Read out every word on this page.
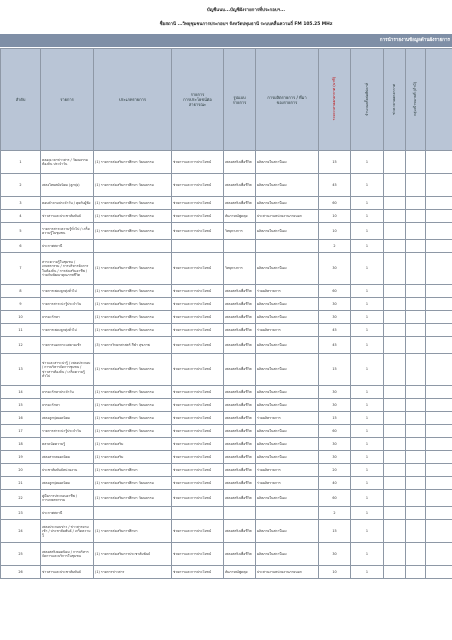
บัญชีแนบ...บัญชีผังรายการที่ประกอบฯ...
ชื่อสถานี ...วิทยุชุมชนการประกอบฯ จังหวัดปทุมธานี ระบบคลื่นความถี่ FM 105.25 MHz
การนำรายงานข้อมูลด้านผังรายการ
ลำดับ	รายการ	ประเภทรายการ	รายการ
การประโยชน์ต่อ
สาธารณะ	รูปแบบ
รายการ	การผลิตรายการ / ที่มา
ของรายการ	ระยะเวลาออกอากาศ (นาที)	จำนวนครั้งต่อสัปดาห์	ช่วงเวลาออกอากาศ	กลุ่มเป้าหมายที่ (ถ้ามี)	
1	ตลอดเวลาข่าวสาร / วัฒนธรรมท้องถิ่น ประจำวัน	(1) รายการส่งเสริมการศึกษา วัฒนธรรม	ช่วยการและการประโยชน์	เพลงสตริงเพื่อชีวิต	ผลิตภายในสถานีเอง	15	1			
2	เพลงไทยสมัยนิยม (ลูกทุ่ง)	(1) รายการส่งเสริมการศึกษา วัฒนธรรม	ช่วยการและการประโยชน์	เพลงสตริงเพื่อชีวิต	ผลิตภายในสถานีเอง	45	1			
3	ตอบคำถามประจำวัน / คุยกับผู้ฟัง	(1) รายการส่งเสริมการศึกษา วัฒนธรรม	ช่วยการและการประโยชน์	เพลงสตริงเพื่อชีวิต	ผลิตภายในสถานีเอง	60	1			
4	ข่าวสารและประชาสัมพันธ์	(1) รายการส่งเสริมการศึกษา วัฒนธรรม	ช่วยการและการประโยชน์	สัมภาษณ์พูดคุย	ประสานงานหน่วยงานภายนอก	10	1			
5	รายการสาระความรู้ทั่วไป / เกร็ดความรู้ในชุมชน	(1) รายการส่งเสริมการศึกษา วัฒนธรรม	ช่วยการและการประโยชน์	วิทยุทางการ	ผลิตภายในสถานีเอง	10	1			
6	ประกาศสถานี					2	1			
7	สาระความรู้ในชุมชน / เกษตรกรรม / การบริหารจัดการในท้องถิ่น / การส่งเสริมอาชีพ / ร่วมกันพัฒนาคุณภาพชีวิต	(1) รายการส่งเสริมการศึกษา วัฒนธรรม	ช่วยการและการประโยชน์	วิทยุทางการ	ผลิตภายในสถานีเอง	30	1			
8	รายการเพลงลูกทุ่งทั่วไป	(1) รายการส่งเสริมการศึกษา วัฒนธรรม	ช่วยการและการประโยชน์	เพลงสตริงเพื่อชีวิต	ร่วมผลิตรายการ	60	1			
9	รายการสาระน่ารู้ประจำวัน	(1) รายการส่งเสริมการศึกษา วัฒนธรรม	ช่วยการและการประโยชน์	เพลงสตริงเพื่อชีวิต	ผลิตภายในสถานีเอง	30	1			
10	ธรรมะรักษา	(1) รายการส่งเสริมการศึกษา วัฒนธรรม	ช่วยการและการประโยชน์	เพลงสตริงเพื่อชีวิต	ผลิตภายในสถานีเอง	30	1			
11	รายการเพลงลูกทุ่งทั่วไป	(1) รายการส่งเสริมการศึกษา วัฒนธรรม	ช่วยการและการประโยชน์	เพลงสตริงเพื่อชีวิต	ร่วมผลิตรายการ	45	1			
12	รายการนอกกระแสยามเช้า	(3) รายการวิทยาศาสตร์ กีฬา สุขภาพ	ช่วยการและการประโยชน์	เพลงสตริงเพื่อชีวิต	ผลิตภายในสถานีเอง	45	1			
13	ข่าวและสาระน่ารู้ / เพลงประกอบ / การบริหารจัดการชุมชน / ข่าวสารท้องถิ่น / เกร็ดความรู้ทั่วไป	(1) รายการส่งเสริมการศึกษา วัฒนธรรม	ช่วยการและการประโยชน์	เพลงสตริงเพื่อชีวิต	ผลิตภายในสถานีเอง	15	1			
14	ธรรมะรักษาประจำวัน	(1) รายการส่งเสริมการศึกษา วัฒนธรรม	ช่วยการและการประโยชน์	เพลงสตริงเพื่อชีวิต	ผลิตภายในสถานีเอง	30	1			
15	ธรรมะรักษา	(1) รายการส่งเสริมการศึกษา วัฒนธรรม	ช่วยการและการประโยชน์	เพลงสตริงเพื่อชีวิต	ผลิตภายในสถานีเอง	30	1			
16	เพลงลูกทุ่งยอดนิยม	(1) รายการส่งเสริมการศึกษา วัฒนธรรม	ช่วยการและการประโยชน์	เพลงสตริงเพื่อชีวิต	ร่วมผลิตรายการ	15	1			
17	รายการสาระน่ารู้ประจำวัน	(1) รายการส่งเสริมการศึกษา วัฒนธรรม	ช่วยการและการประโยชน์	เพลงสตริงเพื่อชีวิต	ผลิตภายในสถานีเอง	60	1			
18	ตลาดนัดความรู้	(1) รายการส่งเสริม	ช่วยการและการประโยชน์	เพลงสตริงเพื่อชีวิต	ผลิตภายในสถานีเอง	30	1			
19	เพลงสากลยอดนิยม	(1) รายการส่งเสริม	ช่วยการและการประโยชน์	เพลงสตริงเพื่อชีวิต	ผลิตภายในสถานีเอง	30	1			
20	ประชาสัมพันธ์หน่วยงาน	(1) รายการส่งเสริมการศึกษา	ช่วยการและการประโยชน์	เพลงสตริงเพื่อชีวิต	ร่วมผลิตรายการ	20	1			
21	เพลงลูกทุ่งยอดนิยม	(1) รายการส่งเสริมการศึกษา วัฒนธรรม	ช่วยการและการประโยชน์	เพลงสตริงเพื่อชีวิต	ร่วมผลิตรายการ	40	1			
22	คู่มือการประกอบอาชีพ / การเกษตรกรรม	(1) รายการส่งเสริมการศึกษา วัฒนธรรม	ช่วยการและการประโยชน์	เพลงสตริงเพื่อชีวิต	ผลิตภายในสถานีเอง	60	1			
23	ประกาศสถานี					2	1			
24	เพลงประกอบข่าว / ข่าวสารยามเช้า / ประชาสัมพันธ์ / เกร็ดความรู้	(1) รายการส่งเสริมการศึกษา	ช่วยการและการประโยชน์	เพลงสตริงเพื่อชีวิต	ผลิตภายในสถานีเอง	15	1			
25	เพลงสตริงยอดนิยม / การบริหารจัดการและบริการในชุมชน	(1) รายการส่งเสริมการประชาสัมพันธ์	ช่วยการและการประโยชน์	เพลงสตริงเพื่อชีวิต	ผลิตภายในสถานีเอง	30	1			
26	ข่าวสารและประชาสัมพันธ์	(1) รายการข่าวสาร	ช่วยการและการประโยชน์	สัมภาษณ์พูดคุย	ประสานงานหน่วยงานภายนอก	10	1			
